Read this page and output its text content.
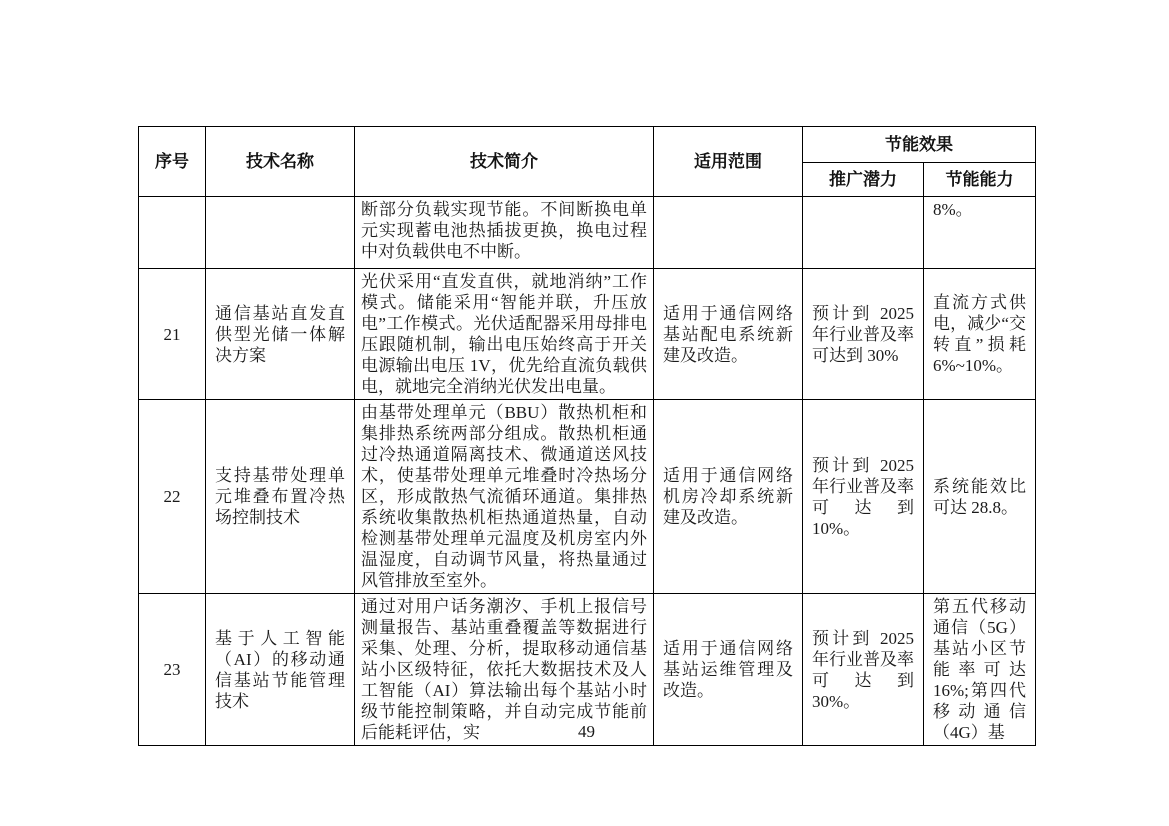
序号	技术名称	技术简介	适用范围	节能效果	
				推广潜力	节能能力
		断部分负载实现节能。不间断换电单元实现蓄电池热插拔更换，换电过程中对负载供电不中断。			8%。
21	通信基站直发直供型光储一体解决方案	光伏采用“直发直供，就地消纳”工作模式。储能采用“智能并联，升压放电”工作模式。光伏适配器采用母排电压跟随机制，输出电压始终高于开关电源输出电压 1V，优先给直流负载供电，就地完全消纳光伏发出电量。	适用于通信网络基站配电系统新建及改造。	预计到 2025 年行业普及率可达到 30%	直流方式供电，减少“交转直”损耗 6%~10%。
22	支持基带处理单元堆叠布置冷热场控制技术	由基带处理单元（BBU）散热机柜和集排热系统两部分组成。散热机柜通过冷热通道隔离技术、微通道送风技术，使基带处理单元堆叠时冷热场分区，形成散热气流循环通道。集排热系统收集散热机柜热通道热量，自动检测基带处理单元温度及机房室内外温湿度，自动调节风量，将热量通过风管排放至室外。	适用于通信网络机房冷却系统新建及改造。	预计到 2025 年行业普及率可达到 10%。	系统能效比可达 28.8。
23	基于人工智能（AI）的移动通信基站节能管理技术	通过对用户话务潮汐、手机上报信号测量报告、基站重叠覆盖等数据进行采集、处理、分析，提取移动通信基站小区级特征，依托大数据技术及人工智能（AI）算法输出每个基站小时级节能控制策略，并自动完成节能前后能耗评估，实	适用于通信网络基站运维管理及改造。	预计到 2025 年行业普及率可达到 30%。	第五代移动通信（5G）基站小区节能率可达 16%;第四代移动通信（4G）基
49
